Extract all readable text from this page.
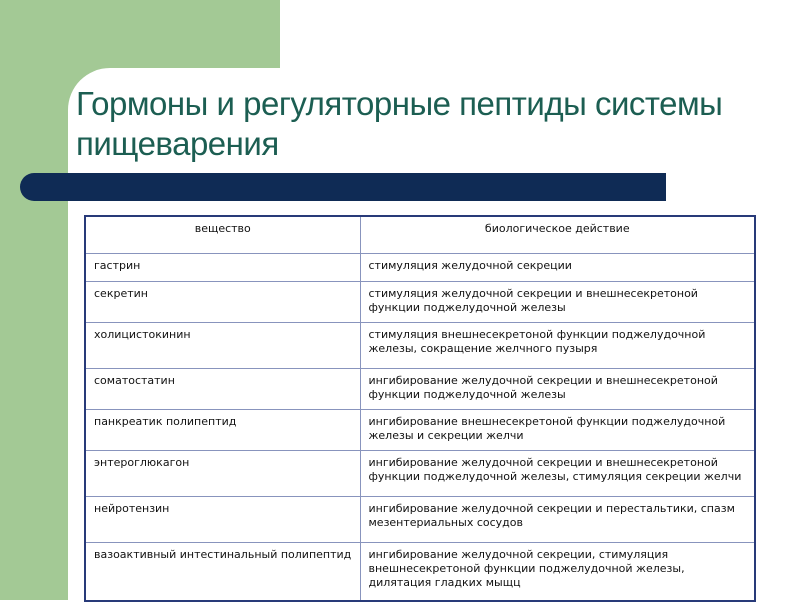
Гормоны и регуляторные пептиды системы пищеварения
вещество	биологическое действие
гастрин	стимуляция желудочной секреции
секретин	стимуляция желудочной секреции и внешнесекретоной функции поджелудочной железы
холицистокинин	стимуляция внешнесекретоной функции поджелудочной железы, сокращение желчного пузыря
соматостатин	ингибирование желудочной секреции и внешнесекретоной функции поджелудочной железы
панкреатик полипептид	ингибирование внешнесекретоной функции поджелудочной железы и секреции желчи
энтероглюкагон	ингибирование желудочной секреции и внешнесекретоной функции поджелудочной железы, стимуляция секреции желчи
нейротензин	ингибирование желудочной секреции и перестальтики, спазм мезентериальных сосудов
вазоактивный интестинальный полипептид	ингибирование желудочной секреции, стимуляция внешнесекретоной функции поджелудочной железы, дилятация гладких мыщц
